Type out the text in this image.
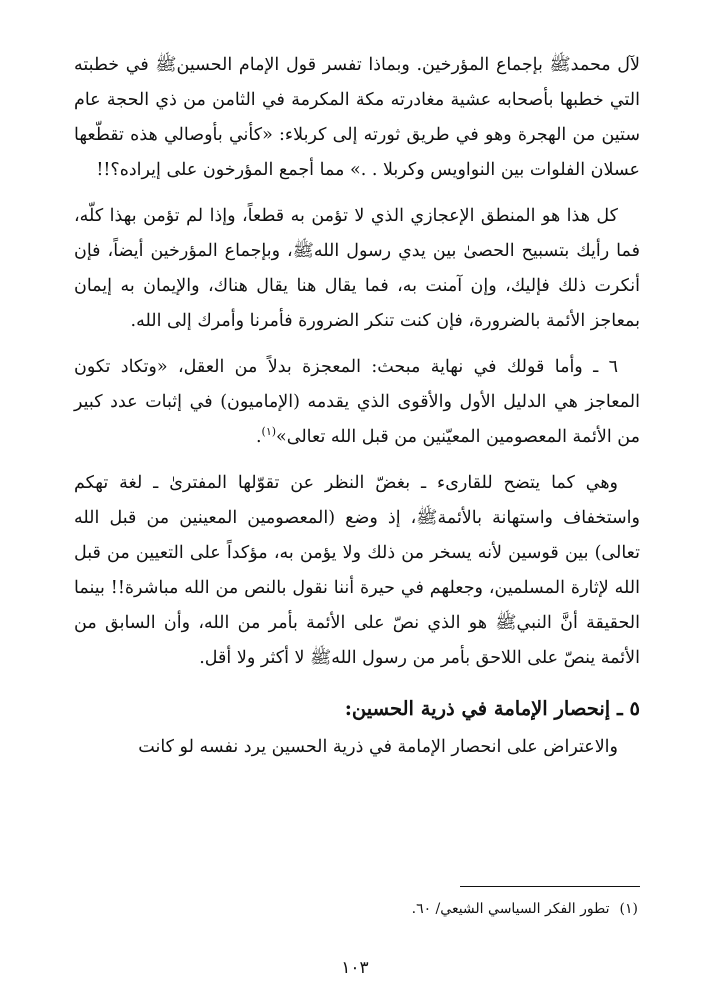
لآل محمدﷺ بإجماع المؤرخين. وبماذا تفسر قول الإمام الحسينﷺ في خطبته التي خطبها بأصحابه عشية مغادرته مكة المكرمة في الثامن من ذي الحجة عام ستين من الهجرة وهو في طريق ثورته إلى كربلاء: «كأني بأوصالي هذه تقطّعها عسلان الفلوات بين النواويس وكربلا . .» مما أجمع المؤرخون على إيراده؟!!

كل هذا هو المنطق الإعجازي الذي لا تؤمن به قطعاً، وإذا لم تؤمن بهذا كلّه، فما رأيك بتسبيح الحصىٰ بين يدي رسول اللهﷺ، وبإجماع المؤرخين أيضاً، فإن أنكرت ذلك فإليك، وإن آمنت به، فما يقال هنا يقال هناك، والإيمان به إيمان بمعاجز الأئمة بالضرورة، فإن كنت تنكر الضرورة فأمرنا وأمرك إلى الله.

٦ ـ وأما قولك في نهاية مبحث: المعجزة بدلاً من العقل، «وتكاد تكون المعاجز هي الدليل الأول والأقوى الذي يقدمه (الإماميون) في إثبات عدد كبير من الأئمة المعصومين المعيّنين من قبل الله تعالى»$^{(١)}$.

وهي كما يتضح للقارىء ـ بغضّ النظر عن تقوّلها المفترىٰ ـ لغة تهكم واستخفاف واستهانة بالأئمةﷺ، إذ وضع (المعصومين المعينين من قبل الله تعالى) بين قوسين لأنه يسخر من ذلك ولا يؤمن به، مؤكداً على التعيين من قبل الله لإثارة المسلمين، وجعلهم في حيرة أننا نقول بالنص من الله مباشرة!! بينما الحقيقة أنَّ النبيﷺ هو الذي نصّ على الأئمة بأمر من الله، وأن السابق من الأئمة ينصّ على اللاحق بأمر من رسول اللهﷺ لا أكثر ولا أقل.

٥ ـ إنحصار الإمامة في ذرية الحسين:

والاعتراض على انحصار الإمامة في ذرية الحسين يرد نفسه لو كانت

(١)تطور الفكر السياسي الشيعي/ ٦٠.
١٠٣
